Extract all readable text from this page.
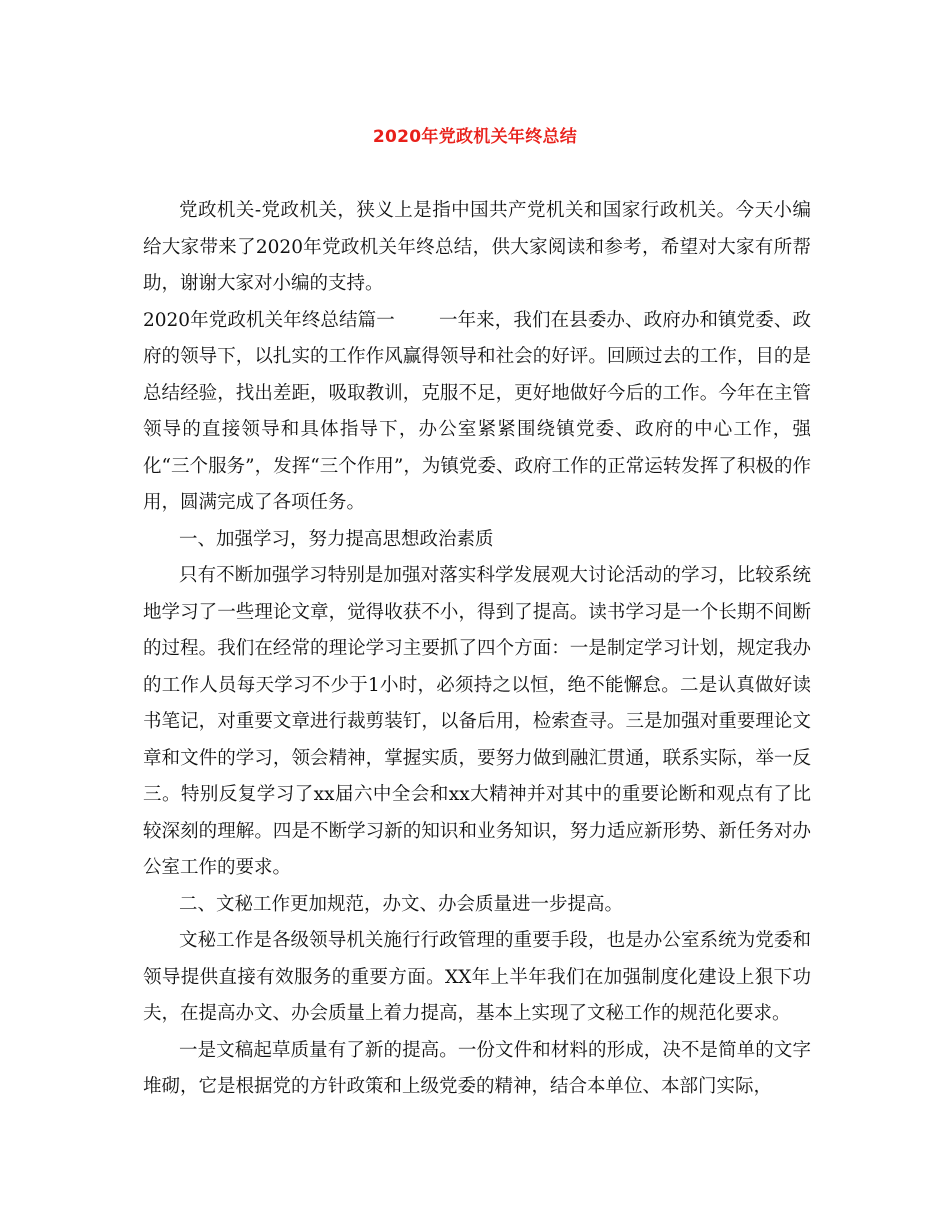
2020年党政机关年终总结

党政机关-党政机关，狭义上是指中国共产党机关和国家行政机关。今天小编给大家带来了2020年党政机关年终总结，供大家阅读和参考，希望对大家有所帮助，谢谢大家对小编的支持。

2020年党政机关年终总结篇一 一年来，我们在县委办、政府办和镇党委、政府的领导下，以扎实的工作作风赢得领导和社会的好评。回顾过去的工作，目的是总结经验，找出差距，吸取教训，克服不足，更好地做好今后的工作。今年在主管领导的直接领导和具体指导下，办公室紧紧围绕镇党委、政府的中心工作，强化“三个服务”，发挥“三个作用”，为镇党委、政府工作的正常运转发挥了积极的作用，圆满完成了各项任务。

一、加强学习，努力提高思想政治素质

只有不断加强学习特别是加强对落实科学发展观大讨论活动的学习，比较系统地学习了一些理论文章，觉得收获不小，得到了提高。读书学习是一个长期不间断的过程。我们在经常的理论学习主要抓了四个方面：一是制定学习计划，规定我办的工作人员每天学习不少于1小时，必须持之以恒，绝不能懈怠。二是认真做好读书笔记，对重要文章进行裁剪装钉，以备后用，检索查寻。三是加强对重要理论文章和文件的学习，领会精神，掌握实质，要努力做到融汇贯通，联系实际，举一反三。特别反复学习了xx届六中全会和xx大精神并对其中的重要论断和观点有了比较深刻的理解。四是不断学习新的知识和业务知识，努力适应新形势、新任务对办公室工作的要求。

二、文秘工作更加规范，办文、办会质量进一步提高。

文秘工作是各级领导机关施行行政管理的重要手段，也是办公室系统为党委和领导提供直接有效服务的重要方面。XX年上半年我们在加强制度化建设上狠下功夫，在提高办文、办会质量上着力提高，基本上实现了文秘工作的规范化要求。

一是文稿起草质量有了新的提高。一份文件和材料的形成，决不是简单的文字堆砌，它是根据党的方针政策和上级党委的精神，结合本单位、本部门实际，
